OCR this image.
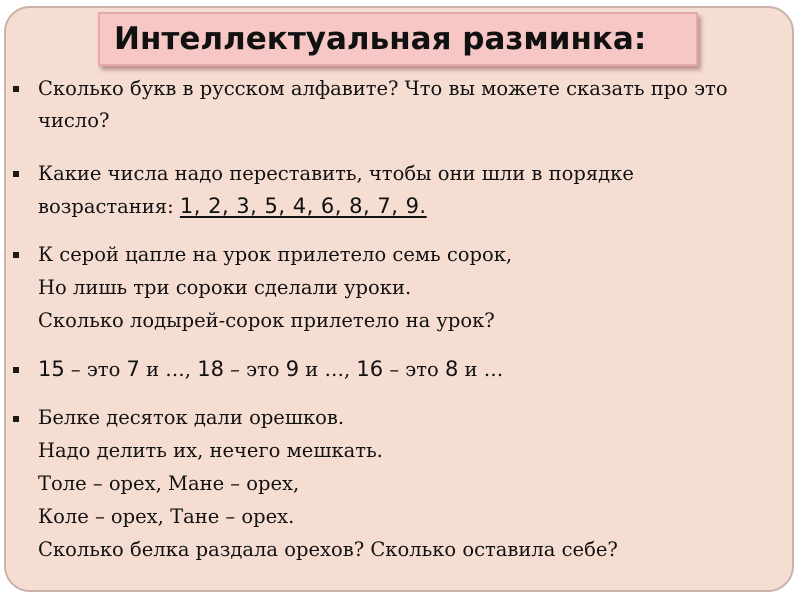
Интеллектуальная разминка:
Сколько букв в русском алфавите? Что вы можете сказать про это
число?
Какие числа надо переставить, чтобы они шли в порядке
возрастания: 1, 2, 3, 5, 4, 6, 8, 7, 9.
К серой цапле на урок прилетело семь сорок,
Но лишь три сороки сделали уроки.
Сколько лодырей-сорок прилетело на урок?
15 – это 7 и …, 18 – это 9 и …, 16 – это 8 и …
Белке десяток дали орешков.
Надо делить их, нечего мешкать.
Толе – орех, Мане – орех,
Коле – орех, Тане – орех.
Сколько белка раздала орехов? Сколько оставила себе?
